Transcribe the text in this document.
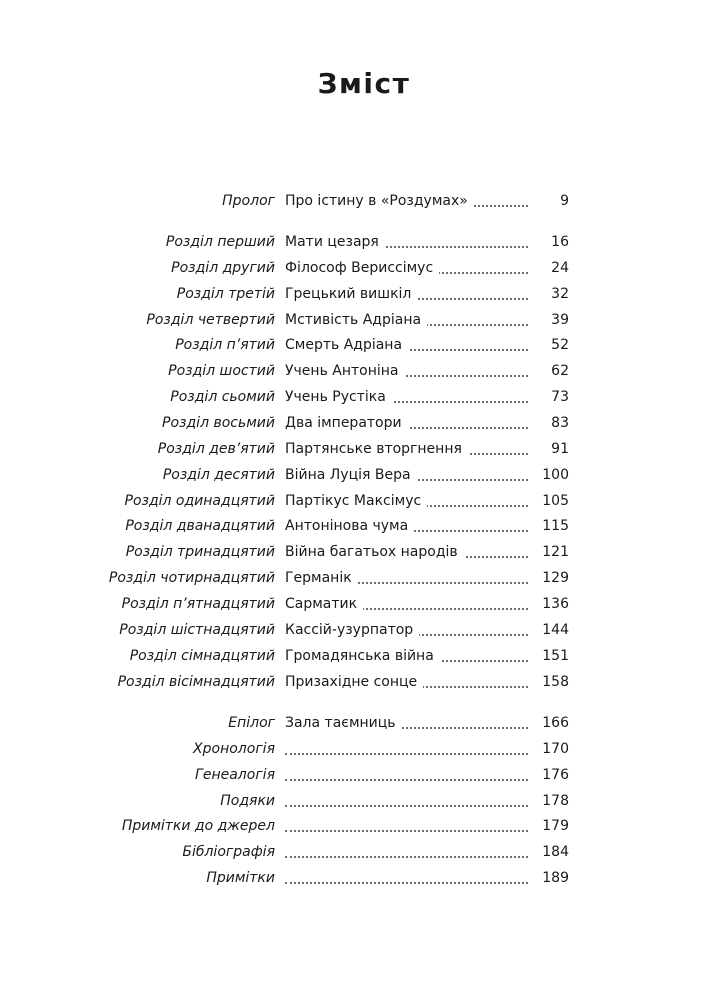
Зміст
Пролог Про істину в «Роздумах»	9
Розділ перший Мати цезаря	16
Розділ другий Філософ Вериссімус	24
Розділ третій Грецький вишкіл	32
Розділ четвертий Мстивість Адріана	39
Розділ п’ятий Смерть Адріана	52
Розділ шостий Учень Антоніна	62
Розділ сьомий Учень Рустіка	73
Розділ восьмий Два імператори	83
Розділ дев’ятий Партянське вторгнення	91
Розділ десятий Війна Луція Вера	100
Розділ одинадцятий Партікус Максімус	105
Розділ дванадцятий Антонінова чума	115
Розділ тринадцятий Війна багатьох народів	121
Розділ чотирнадцятий Германік	129
Розділ п’ятнадцятий Сарматик	136
Розділ шістнадцятий Кассій-узурпатор	144
Розділ сімнадцятий Громадянська війна	151
Розділ вісімнадцятий Призахідне сонце	158
Епілог Зала таємниць	166
Хронологія	170
Генеалогія	176
Подяки	178
Примітки до джерел	179
Бібліографія	184
Примітки	189
